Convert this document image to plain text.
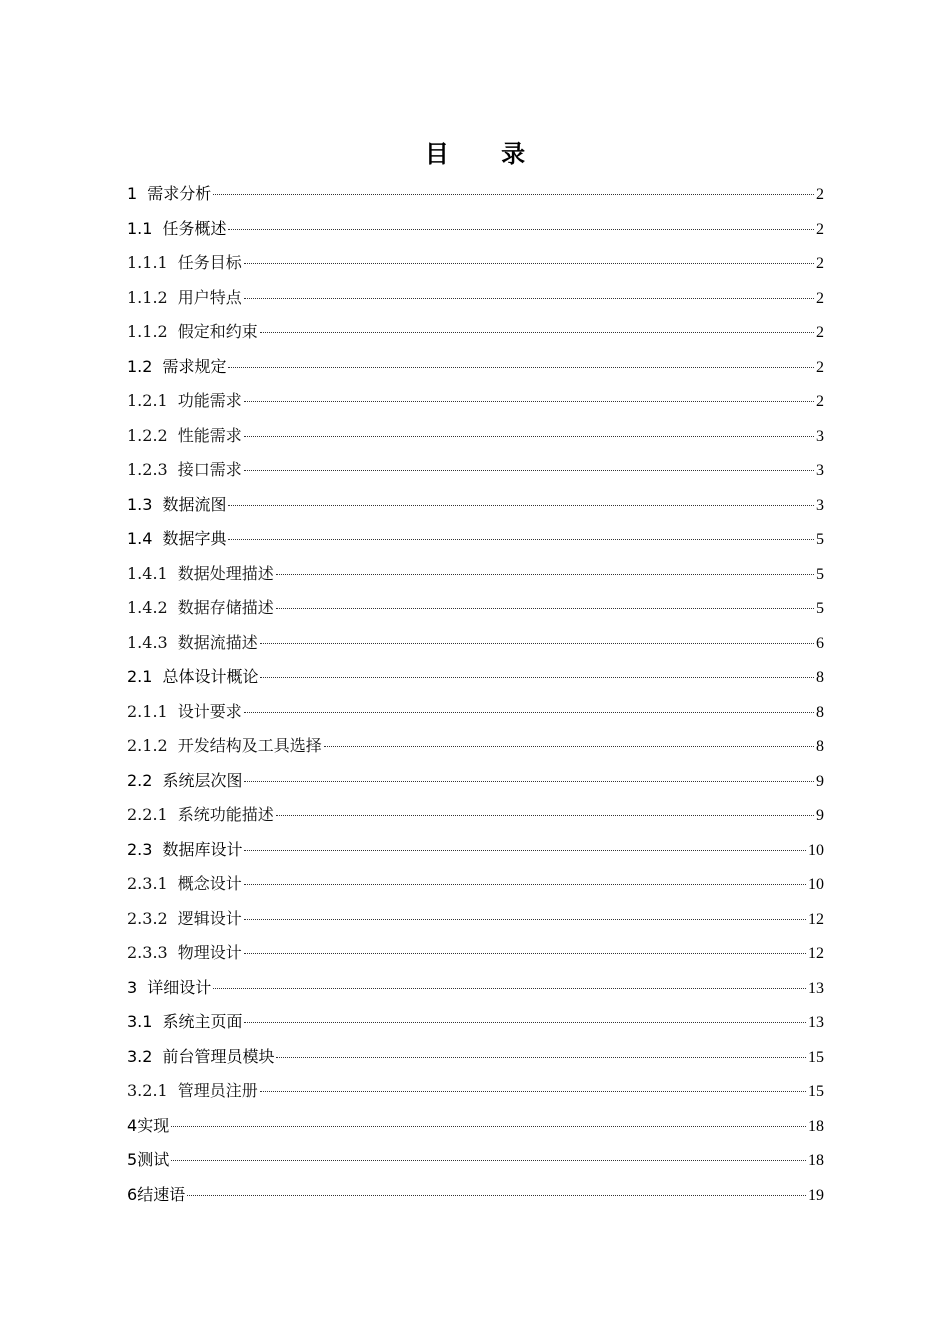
目 录
1 需求分析	2
1.1 任务概述	2
1.1.1 任务目标	2
1.1.2 用户特点	2
1.1.2 假定和约束	2
1.2 需求规定	2
1.2.1 功能需求	2
1.2.2 性能需求	3
1.2.3 接口需求	3
1.3 数据流图	3
1.4 数据字典	5
1.4.1 数据处理描述	5
1.4.2 数据存储描述	5
1.4.3 数据流描述	6
2.1 总体设计概论	8
2.1.1 设计要求	8
2.1.2 开发结构及工具选择	8
2.2 系统层次图	9
2.2.1 系统功能描述	9
2.3 数据库设计	10
2.3.1 概念设计	10
2.3.2 逻辑设计	12
2.3.3 物理设计	12
3 详细设计	13
3.1 系统主页面	13
3.2 前台管理员模块	15
3.2.1 管理员注册	15
4实现	18
5测试	18
6结速语	19
